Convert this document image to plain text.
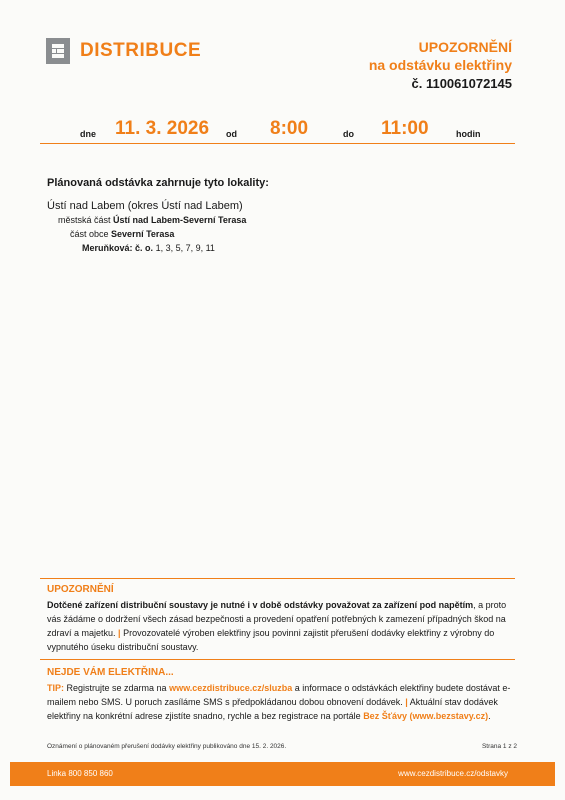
DISTRIBUCE	UPOZORNĚNÍ
na odstávku elektřiny
č. 110061072145
dne 11. 3. 2026 od 8:00	do 11:00	hodin
Plánovaná odstávka zahrnuje tyto lokality:
Ústí nad Labem (okres Ústí nad Labem)
městská část Ústí nad Labem-Severní Terasa
část obce Severní Terasa
Meruňková: č. o. 1, 3, 5, 7, 9, 11
UPOZORNĚNÍ
Dotčené zařízení distribuční soustavy je nutné i v době odstávky považovat za zařízení pod napětím, a proto vás žádáme o dodržení všech zásad bezpečnosti a provedení opatření potřebných k zamezení případných škod na zdraví a majetku. | Provozovatelé výroben elektřiny jsou povinni zajistit přerušení dodávky elektřiny z výrobny do vypnutého úseku distribuční soustavy.
NEJDE VÁM ELEKTŘINA...
TIP: Registrujte se zdarma na www.cezdistribuce.cz/sluzba a informace o odstávkách elektřiny budete dostávat e-mailem nebo SMS. U poruch zasíláme SMS s předpokládanou dobou obnovení dodávek. | Aktuální stav dodávek elektřiny na konkrétní adrese zjistíte snadno, rychle a bez registrace na portále Bez Šťávy (www.bezstavy.cz).
Oznámení o plánovaném přerušení dodávky elektřiny publikováno dne 15. 2. 2026.	Strana 1 z 2
Linka 800 850 860	www.cezdistribuce.cz/odstavky
